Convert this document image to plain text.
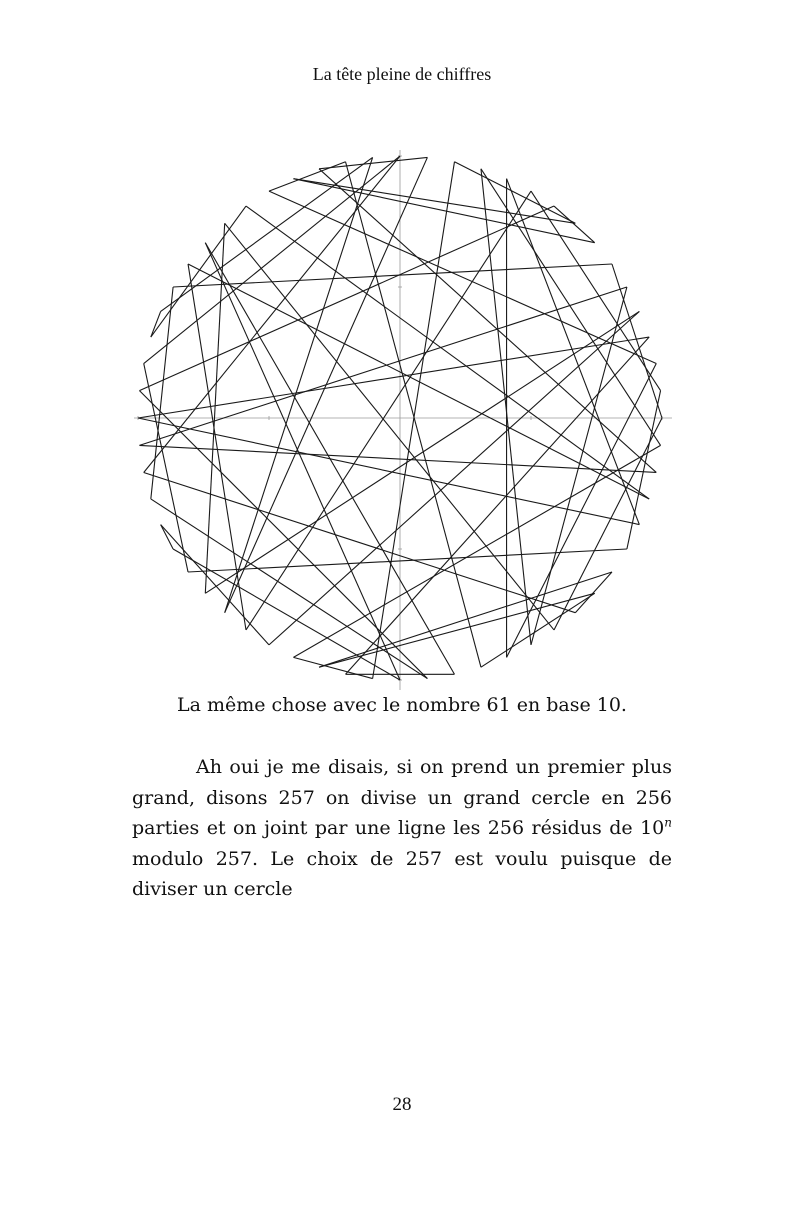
La tête pleine de chiffres
La même chose avec le nombre 61 en base 10.

Ah oui je me disais, si on prend un premier plus grand, disons 257 on divise un grand cercle en 256 parties et on joint par une ligne les 256 résidus de 10$^n$ modulo 257. Le choix de 257 est voulu puisque de diviser un cercle

28
